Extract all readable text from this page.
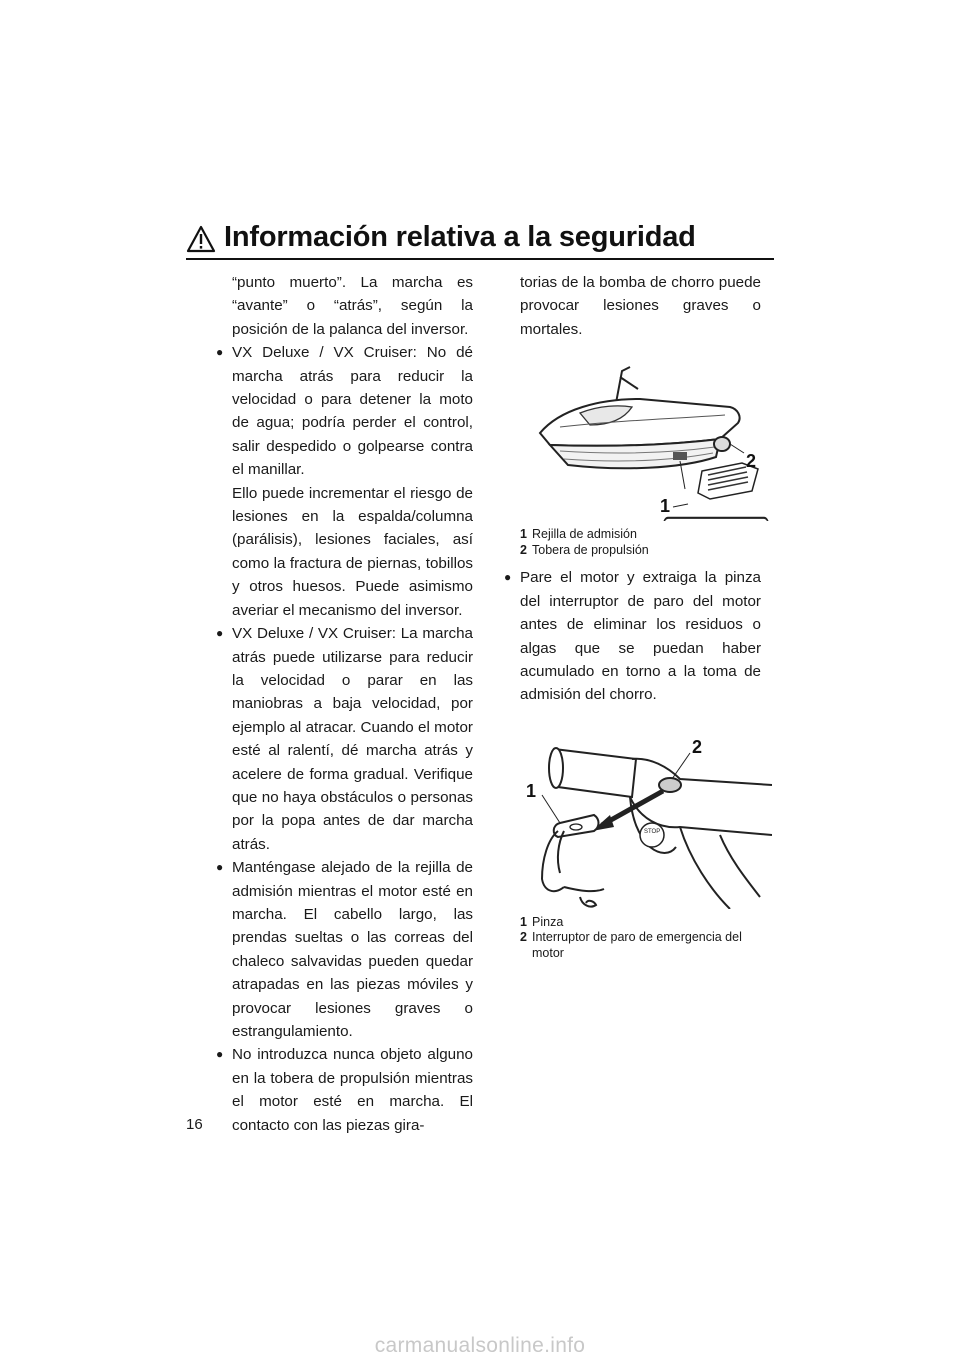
Información relativa a la seguridad

“punto muerto”. La marcha es “avante” o “atrás”, según la posición de la palanca del inversor.

● VX Deluxe / VX Cruiser: No dé marcha atrás para reducir la velocidad o para detener la moto de agua; podría perder el control, salir despedido o golpearse contra el manillar.

Ello puede incrementar el riesgo de lesiones en la espalda/columna (parálisis), lesiones faciales, así como la fractura de piernas, tobillos y otros huesos. Puede asimismo averiar el mecanismo del inversor.

● VX Deluxe / VX Cruiser: La marcha atrás puede utilizarse para reducir la velocidad o parar en las maniobras a baja velocidad, por ejemplo al atracar. Cuando el motor esté al ralentí, dé marcha atrás y acelere de forma gradual. Verifique que no haya obstáculos o personas por la popa antes de dar marcha atrás.
● Manténgase alejado de la rejilla de admisión mientras el motor esté en marcha. El cabello largo, las prendas sueltas o las correas del chaleco salvavidas pueden quedar atrapadas en las piezas móviles y provocar lesiones graves o estrangulamiento.
● No introduzca nunca objeto alguno en la tobera de propulsión mientras el motor esté en marcha. El contacto con las piezas gira-

torias de la bomba de chorro puede provocar lesiones graves o mortales.

1
2
1 Rejilla de admisión
2 Tobera de propulsión
● Pare el motor y extraiga la pinza del interruptor de paro del motor antes de eliminar los residuos o algas que se puedan haber acumulado en torno a la toma de admisión del chorro.
STOP
1
2
1 Pinza
2 Interruptor de paro de emergencia del motor
16
carmanualsonline.info
